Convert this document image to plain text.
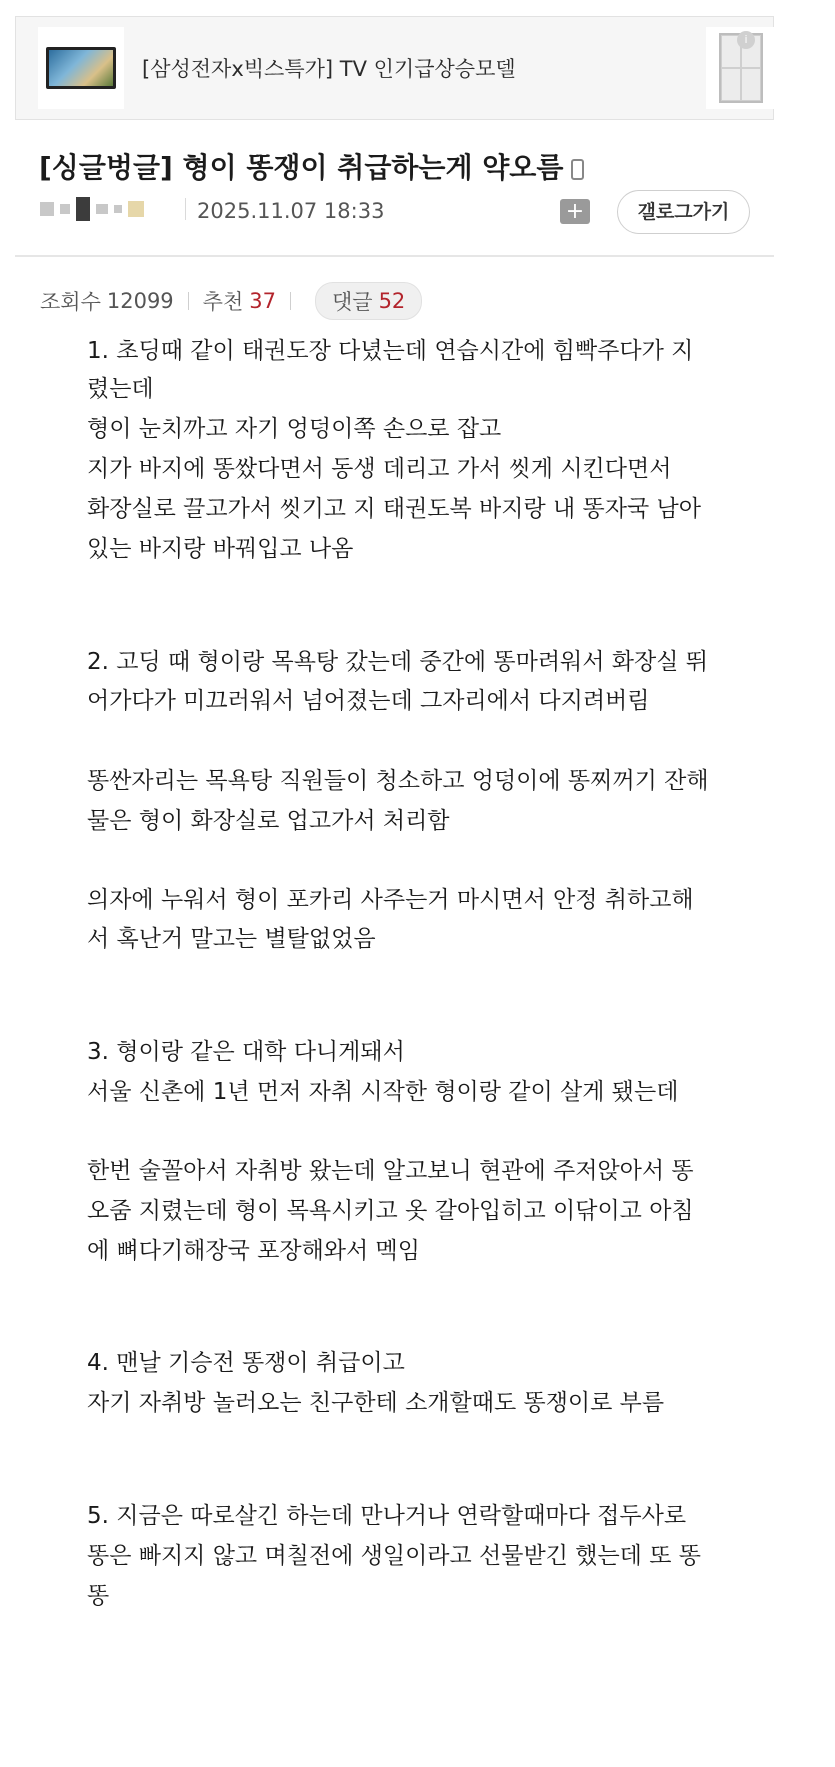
[삼성전자x빅스특가] TV 인기급상승모델
i
[싱글벙글] 형이 똥쟁이 취급하는게 약오름
2025.11.07 18:33	+	갤로그가기
조회수 12099 추천 37	댓글 52
1. 초딩때 같이 태권도장 다녔는데 연습시간에 힘빡주다가 지
렸는데
형이 눈치까고 자기 엉덩이쪽 손으로 잡고
지가 바지에 똥쌌다면서 동생 데리고 가서 씻게 시킨다면서
화장실로 끌고가서 씻기고 지 태권도복 바지랑 내 똥자국 남아
있는 바지랑 바꿔입고 나옴
2. 고딩 때 형이랑 목욕탕 갔는데 중간에 똥마려워서 화장실 뛰
어가다가 미끄러워서 넘어졌는데 그자리에서 다지려버림
똥싼자리는 목욕탕 직원들이 청소하고 엉덩이에 똥찌꺼기 잔해
물은 형이 화장실로 업고가서 처리함
의자에 누워서 형이 포카리 사주는거 마시면서 안정 취하고해
서 혹난거 말고는 별탈없었음
3. 형이랑 같은 대학 다니게돼서
서울 신촌에 1년 먼저 자취 시작한 형이랑 같이 살게 됐는데
한번 술꼴아서 자취방 왔는데 알고보니 현관에 주저앉아서 똥
오줌 지렸는데 형이 목욕시키고 옷 갈아입히고 이닦이고 아침
에 뼈다기해장국 포장해와서 멕임
4. 맨날 기승전 똥쟁이 취급이고
자기 자취방 놀러오는 친구한테 소개할때도 똥쟁이로 부름
5. 지금은 따로살긴 하는데 만나거나 연락할때마다 접두사로
똥은 빠지지 않고 며칠전에 생일이라고 선물받긴 했는데 또 똥
똥
